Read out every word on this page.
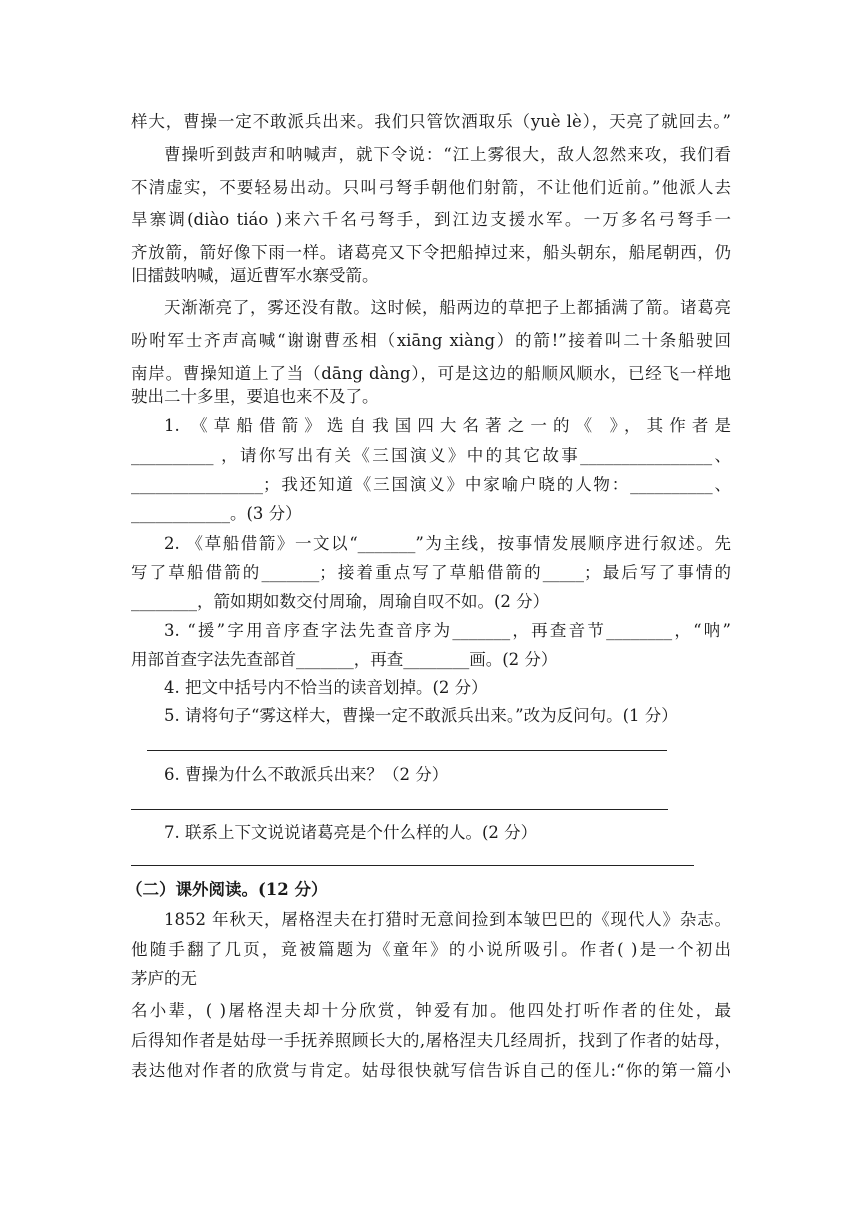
样大，曹操一定不敢派兵出来。我们只管饮酒取乐（yuè lè），天亮了就回去。”
曹操听到鼓声和呐喊声，就下令说：“江上雾很大，敌人忽然来攻，我们看
不清虚实，不要轻易出动。只叫弓弩手朝他们射箭，不让他们近前。”他派人去
旱寨调(diào tiáo )来六千名弓弩手，到江边支援水军。一万多名弓弩手一
齐放箭，箭好像下雨一样。诸葛亮又下令把船掉过来，船头朝东，船尾朝西，仍
旧擂鼓呐喊，逼近曹军水寨受箭。
天渐渐亮了，雾还没有散。这时候，船两边的草把子上都插满了箭。诸葛亮
吩咐军士齐声高喊“谢谢曹丞相（xiāng xiàng）的箭!”接着叫二十条船驶回
南岸。曹操知道上了当（dāng dàng），可是这边的船顺风顺水，已经飞一样地
驶出二十多里，要追也来不及了。
1. 《草船借箭》选自我国四大名著之一的《 》，其作者是
__________ ，请你写出有关《三国演义》中的其它故事________________、
________________；我还知道《三国演义》中家喻户晓的人物：__________、
____________。(3 分）
2. 《草船借箭》一文以“_______”为主线，按事情发展顺序进行叙述。先
写了草船借箭的_______；接着重点写了草船借箭的_____；最后写了事情的
________，箭如期如数交付周瑜，周瑜自叹不如。(2 分）
3. “援”字用音序查字法先查音序为_______，再查音节________，“呐”
用部首查字法先查部首_______，再查________画。(2 分）
4. 把文中括号内不恰当的读音划掉。(2 分）
5. 请将句子“雾这样大，曹操一定不敢派兵出来。”改为反问句。(1 分）
6. 曹操为什么不敢派兵出来？（2 分）
7. 联系上下文说说诸葛亮是个什么样的人。(2 分）
（二）课外阅读。(12 分）
1852 年秋天，屠格涅夫在打猎时无意间捡到本皱巴巴的《现代人》杂志。
他随手翻了几页，竟被篇题为《童年》的小说所吸引。作者( )是一个初出
茅庐的无
名小辈，( )屠格涅夫却十分欣赏，钟爱有加。他四处打听作者的住处，最
后得知作者是姑母一手抚养照顾长大的,屠格涅夫几经周折，找到了作者的姑母，
表达他对作者的欣赏与肯定。姑母很快就写信告诉自己的侄儿:“你的第一篇小
